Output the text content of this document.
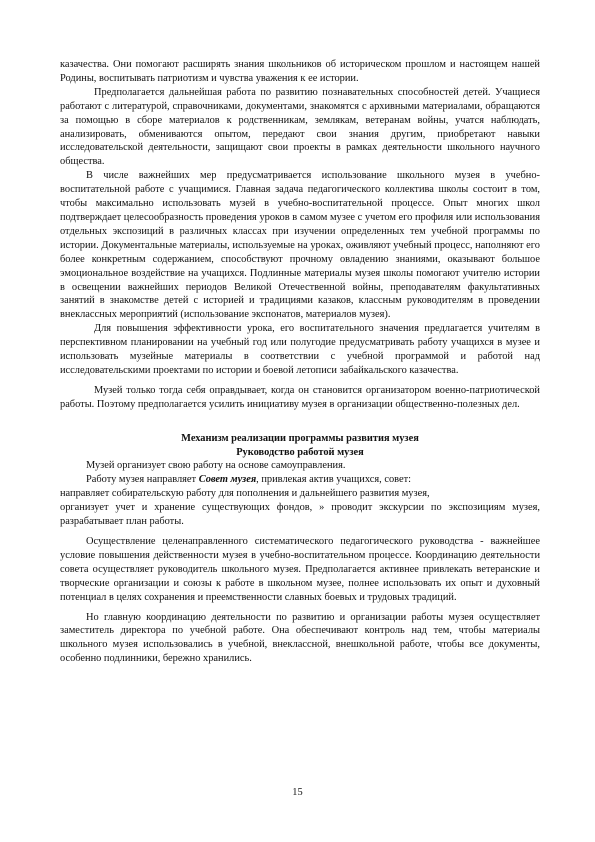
казачества. Они помогают расширять знания школьников об историческом прошлом и настоящем нашей Родины, воспитывать патриотизм и чувства уважения к ее истории.

Предполагается дальнейшая работа по развитию познавательных способностей детей. Учащиеся работают с литературой, справочниками, документами, знакомятся с архивными материалами, обращаются за помощью в сборе материалов к родственникам, землякам, ветеранам войны, учатся наблюдать, анализировать, обмениваются опытом, передают свои знания другим, приобретают навыки исследовательской деятельности, защищают свои проекты в рамках деятельности школьного научного общества.

В числе важнейших мер предусматривается использование школьного музея в учебно-воспитательной работе с учащимися. Главная задача педагогического коллектива школы состоит в том, чтобы максимально использовать музей в учебно-воспитательной процессе. Опыт многих школ подтверждает целесообразность проведения уроков в самом музее с учетом его профиля или использования отдельных экспозиций в различных классах при изучении определенных тем учебной программы по истории. Документальные материалы, используемые на уроках, оживляют учебный процесс, наполняют его более конкретным содержанием, способствуют прочному овладению знаниями, оказывают большое эмоциональное воздействие на учащихся. Подлинные материалы музея школы помогают учителю истории в освещении важнейших периодов Великой Отечественной войны, преподавателям факультативных занятий в знакомстве детей с историей и традициями казаков, классным руководителям в проведении внеклассных мероприятий (использование экспонатов, материалов музея).

Для повышения эффективности урока, его воспитательного значения предлагается учителям в перспективном планировании на учебный год или полугодие предусматривать работу учащихся в музее и использовать музейные материалы в соответствии с учебной программой и работой над исследовательскими проектами по истории и боевой летописи забайкальского казачества.

Музей только тогда себя оправдывает, когда он становится организатором военно-патриотической работы. Поэтому предполагается усилить инициативу музея в организации общественно-полезных дел.

Механизм реализации программы развития музея

Руководство работой музея

Музей организует свою работу на основе самоуправления.

Работу музея направляет Совет музея, привлекая актив учащихся, совет:

направляет собирательскую работу для пополнения и дальнейшего развития музея,

организует учет и хранение существующих фондов, » проводит экскурсии по экспозициям музея, разрабатывает план работы.

Осуществление целенаправленного систематического педагогического руководства - важнейшее условие повышения действенности музея в учебно-воспитательном процессе. Координацию деятельности совета осуществляет руководитель школьного музея. Предполагается активнее привлекать ветеранские и творческие организации и союзы к работе в школьном музее, полнее использовать их опыт и духовный потенциал в целях сохранения и преемственности славных боевых и трудовых традиций.

Но главную координацию деятельности по развитию и организации работы музея осуществляет заместитель директора по учебной работе. Она обеспечивают контроль над тем, чтобы материалы школьного музея использовались в учебной, внеклассной, внешкольной работе, чтобы все документы, особенно подлинники, бережно хранились.

15
